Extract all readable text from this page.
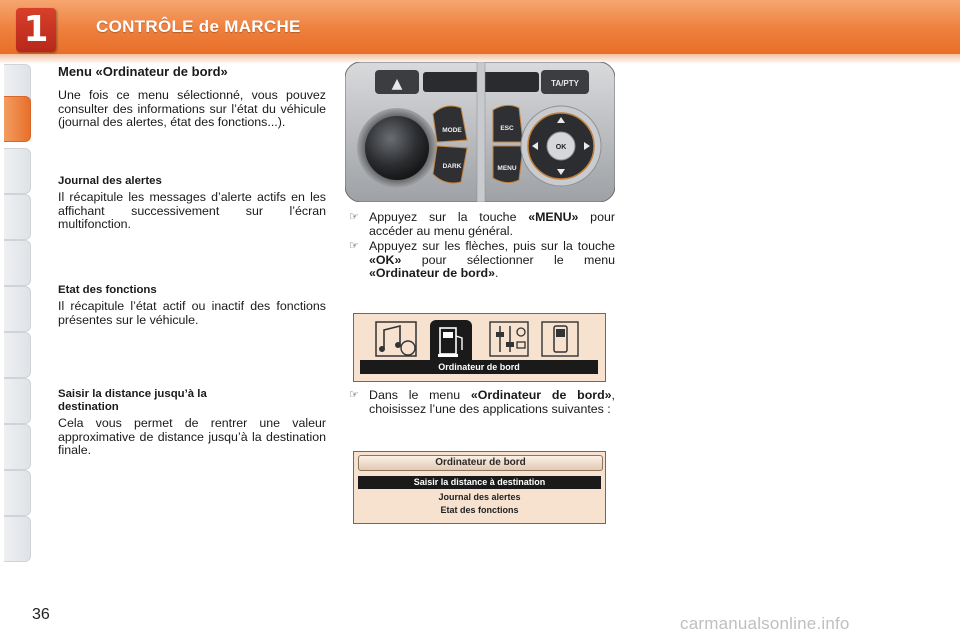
1	CONTRÔLE de MARCHE
Menu «Ordinateur de bord»
Une fois ce menu sélectionné, vous pouvez consulter des informations sur l’état du véhicule (journal des alertes, état des fonctions...).
Journal des alertes
Il récapitule les messages d’alerte actifs en les affichant successivement sur l’écran multifonction.
Etat des fonctions
Il récapitule l’état actif ou inactif des fonctions présentes sur le véhicule.
Saisir la distance jusqu’à la destination
Cela vous permet de rentrer une valeur approximative de distance jusqu’à la destination finale.
▲	TA/PTY
MODE
DARK
ESC
MENU
OK
☞ Appuyez sur la touche «MENU» pour accéder au menu général.
☞ Appuyez sur les flèches, puis sur la touche «OK» pour sélectionner le menu «Ordinateur de bord».
Ordinateur de bord
☞ Dans le menu «Ordinateur de bord», choisissez l’une des applications suivantes :
Ordinateur de bord
Saisir la distance à destination
Journal des alertes
Etat des fonctions
36	carmanualsonline.info
